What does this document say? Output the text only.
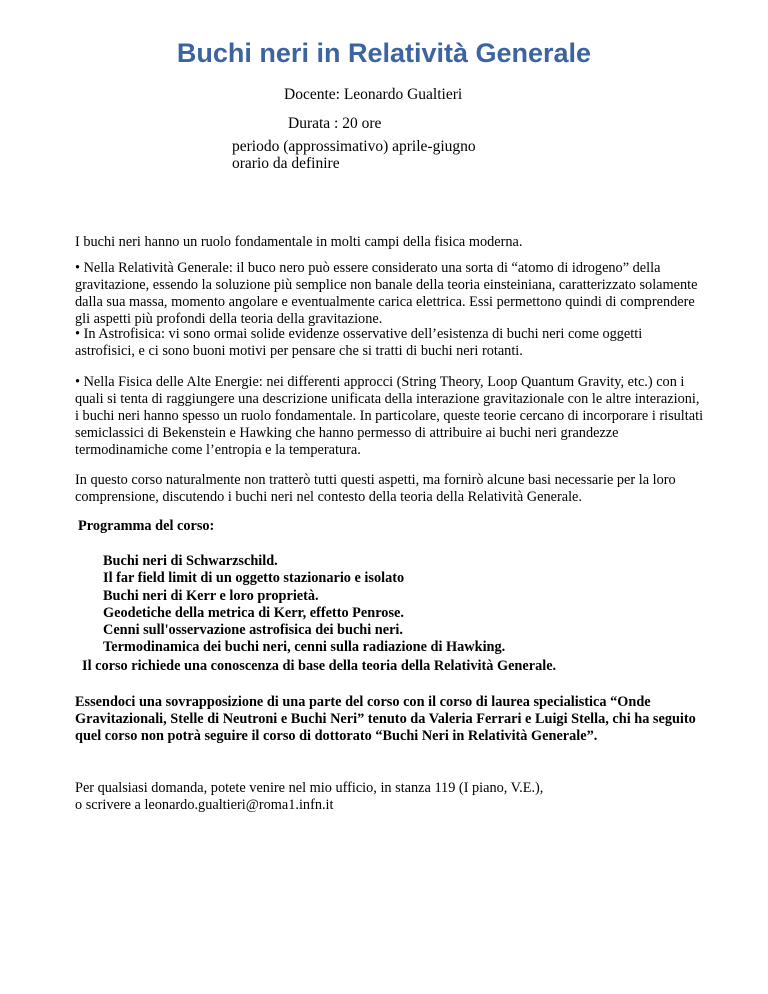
Buchi neri in Relatività Generale
Docente: Leonardo Gualtieri
Durata : 20 ore
periodo (approssimativo) aprile-giugno
orario da definire

I buchi neri hanno un ruolo fondamentale in molti campi della fisica moderna.

• Nella Relatività Generale: il buco nero può essere considerato una sorta di “atomo di idrogeno” della gravitazione, essendo la soluzione più semplice non banale della teoria einsteiniana, caratterizzato solamente dalla sua massa, momento angolare e eventualmente carica elettrica. Essi permettono quindi di comprendere gli aspetti più profondi della teoria della gravitazione.

• In Astrofisica: vi sono ormai solide evidenze osservative dell’esistenza di buchi neri come oggetti astrofisici, e ci sono buoni motivi per pensare che si tratti di buchi neri rotanti.

• Nella Fisica delle Alte Energie: nei differenti approcci (String Theory, Loop Quantum Gravity, etc.) con i quali si tenta di raggiungere una descrizione unificata della interazione gravitazionale con le altre interazioni, i buchi neri hanno spesso un ruolo fondamentale. In particolare, queste teorie cercano di incorporare i risultati semiclassici di Bekenstein e Hawking che hanno permesso di attribuire ai buchi neri grandezze termodinamiche come l’entropia e la temperatura.

In questo corso naturalmente non tratterò tutti questi aspetti, ma fornirò alcune basi necessarie per la loro comprensione, discutendo i buchi neri nel contesto della teoria della Relatività Generale.

Programma del corso:
Buchi neri di Schwarzschild.
Il far field limit di un oggetto stazionario e isolato
Buchi neri di Kerr e loro proprietà.
Geodetiche della metrica di Kerr, effetto Penrose.
Cenni sull'osservazione astrofisica dei buchi neri.
Termodinamica dei buchi neri, cenni sulla radiazione di Hawking.
Il corso richiede una conoscenza di base della teoria della Relatività Generale.
Essendoci una sovrapposizione di una parte del corso con il corso di laurea specialistica “Onde Gravitazionali, Stelle di Neutroni e Buchi Neri” tenuto da Valeria Ferrari e Luigi Stella, chi ha seguito quel corso non potrà seguire il corso di dottorato “Buchi Neri in Relatività Generale”.

Per qualsiasi domanda, potete venire nel mio ufficio, in stanza 119 (I piano, V.E.),

o scrivere a leonardo.gualtieri@roma1.infn.it
